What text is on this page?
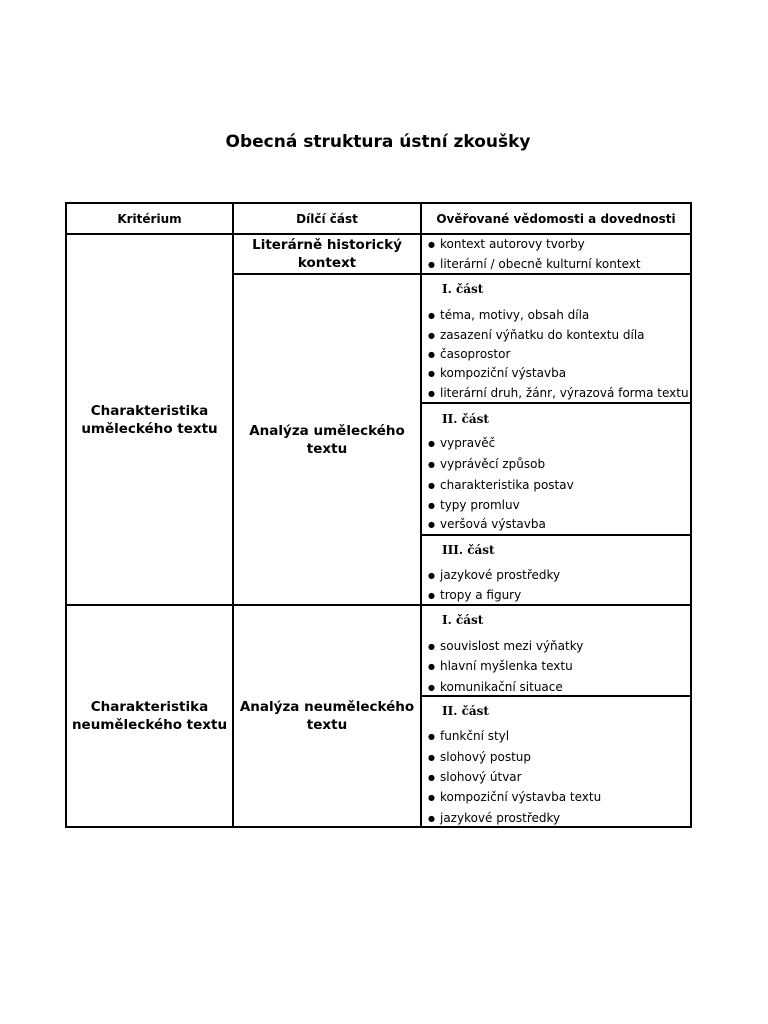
Obecná struktura ústní zkoušky
Kritérium	Dílčí část	Ověřované vědomosti a dovednosti
Charakteristika
uměleckého textu
Literárně historický
kontext
● kontext autorovy tvorby
● literární / obecně kulturní kontext
Analýza uměleckého
textu
I. část
● téma, motivy, obsah díla
● zasazení výňatku do kontextu díla
● časoprostor
● kompoziční výstavba
● literární druh, žánr, výrazová forma textu
II. část
● vypravěč
● vyprávěcí způsob
● charakteristika postav
● typy promluv
● veršová výstavba
III. část
● jazykové prostředky
● tropy a figury
Charakteristika
neuměleckého textu
Analýza neuměleckého
textu
I. část
● souvislost mezi výňatky
● hlavní myšlenka textu
● komunikační situace
II. část
● funkční styl
● slohový postup
● slohový útvar
● kompoziční výstavba textu
● jazykové prostředky
